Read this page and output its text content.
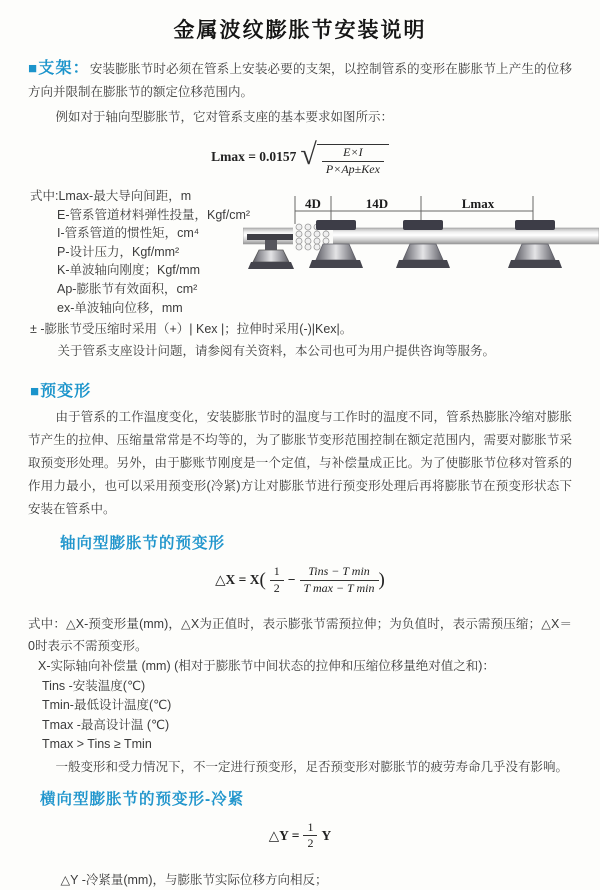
金属波纹膨胀节安装说明

■支架：安装膨胀节时必须在管系上安装必要的支架，以控制管系的变形在膨胀节上产生的位移方向并限制在膨胀节的额定位移范围内。

例如对于轴向型膨胀节，它对管系支座的基本要求如图所示：

Lmax = 0.0157 √ $\frac{E\times I}{\text{P×Ap±Kex}}$
式中:Lmax-最大导向间距，m
E-管系管道材料弹性投量，Kgf/cm²
I-管系管道的惯性矩，cm⁴
P-设计压力，Kgf/mm²
K-单波轴向刚度；Kgf/mm
Ap-膨胀节有效面积，cm²
ex-单波轴向位移，mm

± -膨胀节受压缩时采用（+）| Kex |；拉伸时采用(-)|Kex|。

关于管系支座设计问题，请参阅有关资料，本公司也可为用户提供咨询等服务。

4D	14D	Lmax

■预变形

由于管系的工作温度变化，安装膨胀节时的温度与工作时的温度不同，管系热膨胀冷缩对膨胀节产生的拉伸、压缩量常常是不均等的，为了膨胀节变形范围控制在额定范围内，需要对膨胀节采取预变形处理。另外，由于膨账节刚度是一个定值，与补偿量成正比。为了使膨胀节位移对管系的作用力最小，也可以采用预变形(冷紧)方让对膨胀节进行预变形处理后再将膨胀节在预变形状态下安装在管系中。

轴向型膨胀节的预变形

△X = $X( \frac{1}{2} - \frac{\text{Tins − T min}}{\text{T max − T min}}$ )

式中：△X-预变形量(mm)，△X为正值时，表示膨张节需预拉伸；为负值时，表示需预压缩；△X＝0时表示不需预变形。

X-实际轴向补偿量 (mm) (相对于膨胀节中间状态的拉伸和压缩位移量绝对值之和)：
Tins -安装温度(℃)
Tmin-最低设计温度(℃)
Tmax -最高设计温 (℃)
Tmax > Tins ≥ Tmin

一般变形和受力情况下，不一定进行预变形，足否预变形对膨胀节的疲劳寿命几乎没有影响。

横向型膨胀节的预变形-冷紧

△Y = $\frac{1}{2}$ Y

△Y -冷紧量(mm)，与膨胀节实际位移方向相反；
